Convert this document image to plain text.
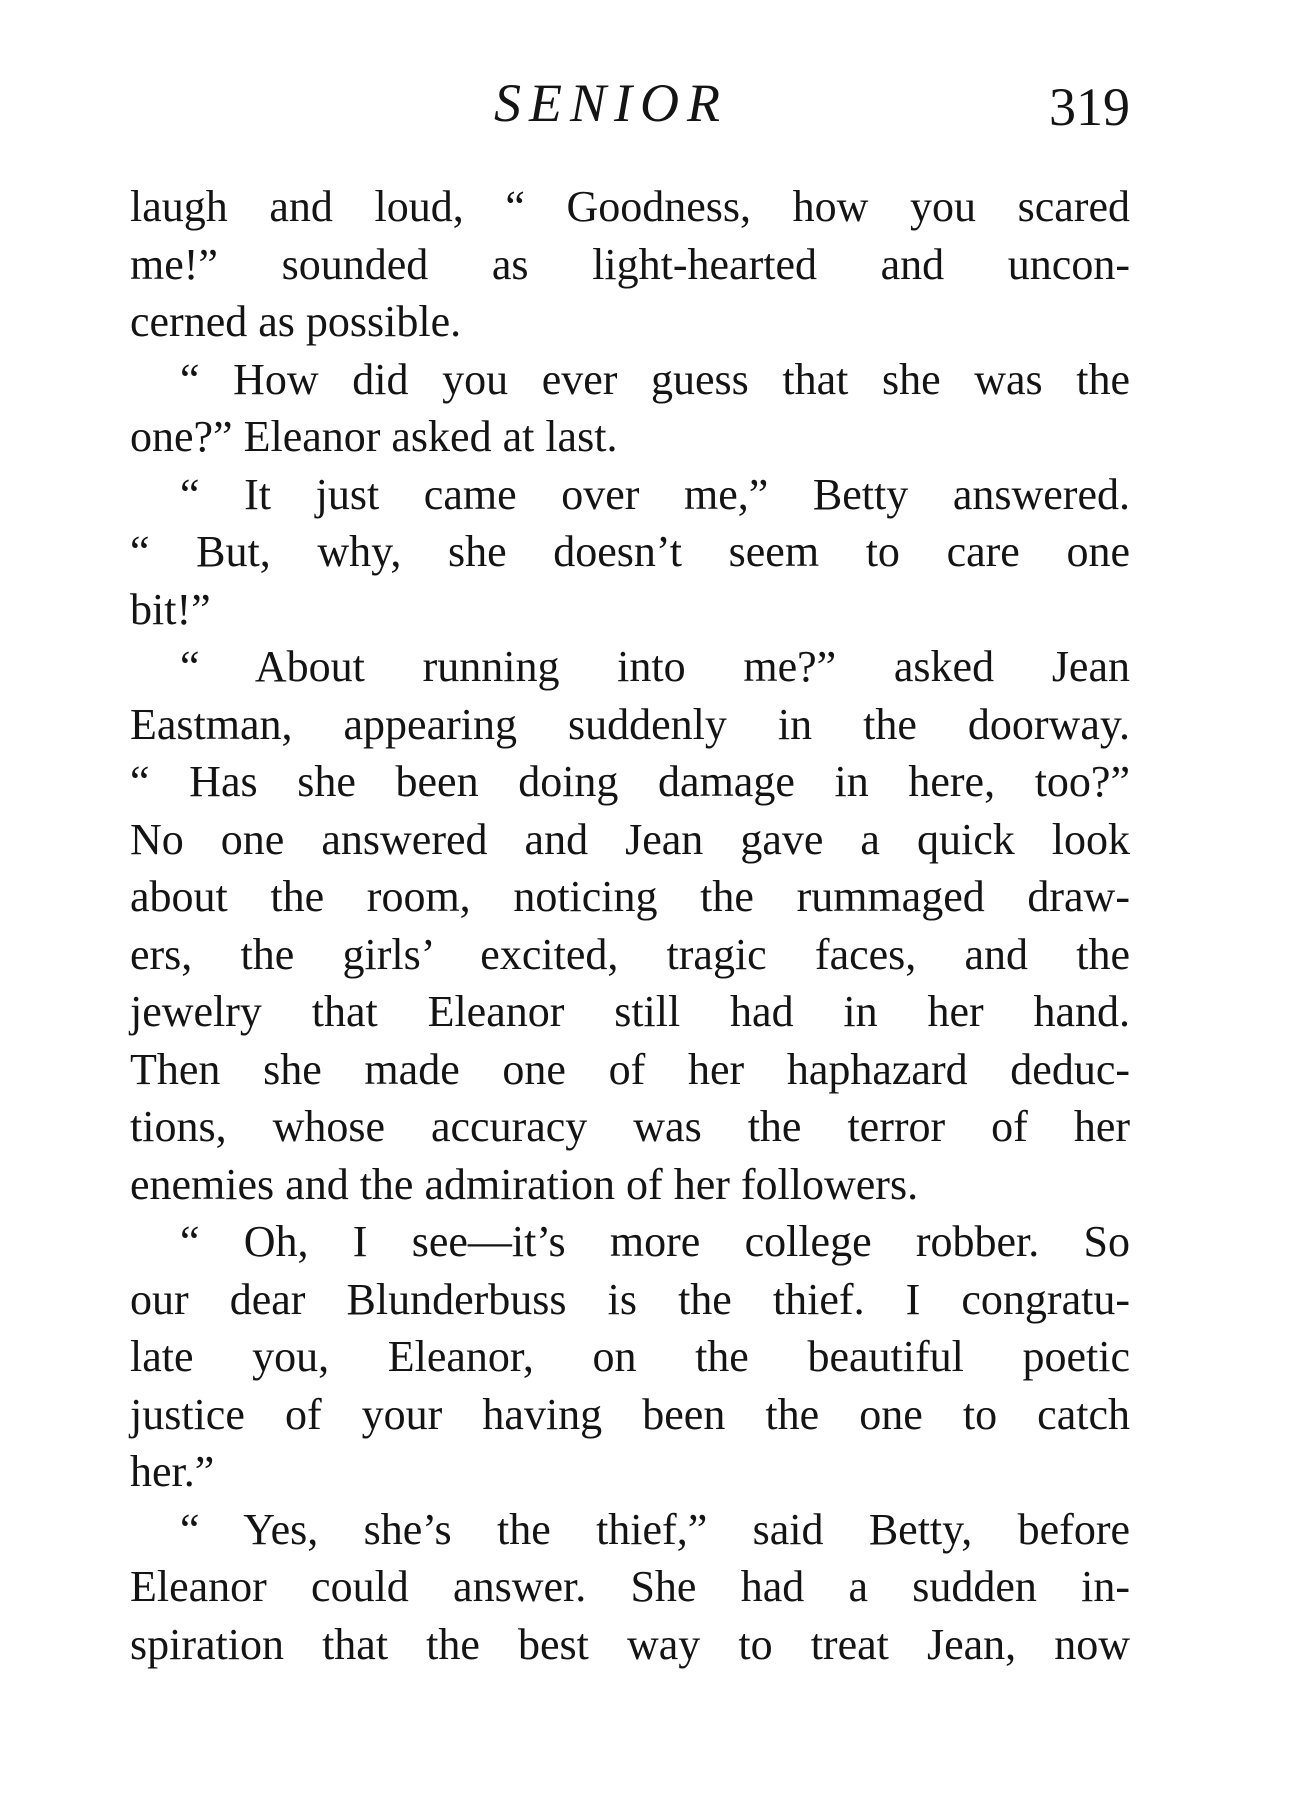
SENIOR	319
laugh and loud, “ Goodness, how you scared
me!” sounded as light-hearted and uncon-
cerned as possible.
“ How did you ever guess that she was the
one?” Eleanor asked at last.
“ It just came over me,” Betty answered.
“ But, why, she doesn’t seem to care one
bit!”
“ About running into me?” asked Jean
Eastman, appearing suddenly in the doorway.
“ Has she been doing damage in here, too?”
No one answered and Jean gave a quick look
about the room, noticing the rummaged draw-
ers, the girls’ excited, tragic faces, and the
jewelry that Eleanor still had in her hand.
Then she made one of her haphazard deduc-
tions, whose accuracy was the terror of her
enemies and the admiration of her followers.
“ Oh, I see—it’s more college robber. So
our dear Blunderbuss is the thief. I congratu-
late you, Eleanor, on the beautiful poetic
justice of your having been the one to catch
her.”
“ Yes, she’s the thief,” said Betty, before
Eleanor could answer. She had a sudden in-
spiration that the best way to treat Jean, now
